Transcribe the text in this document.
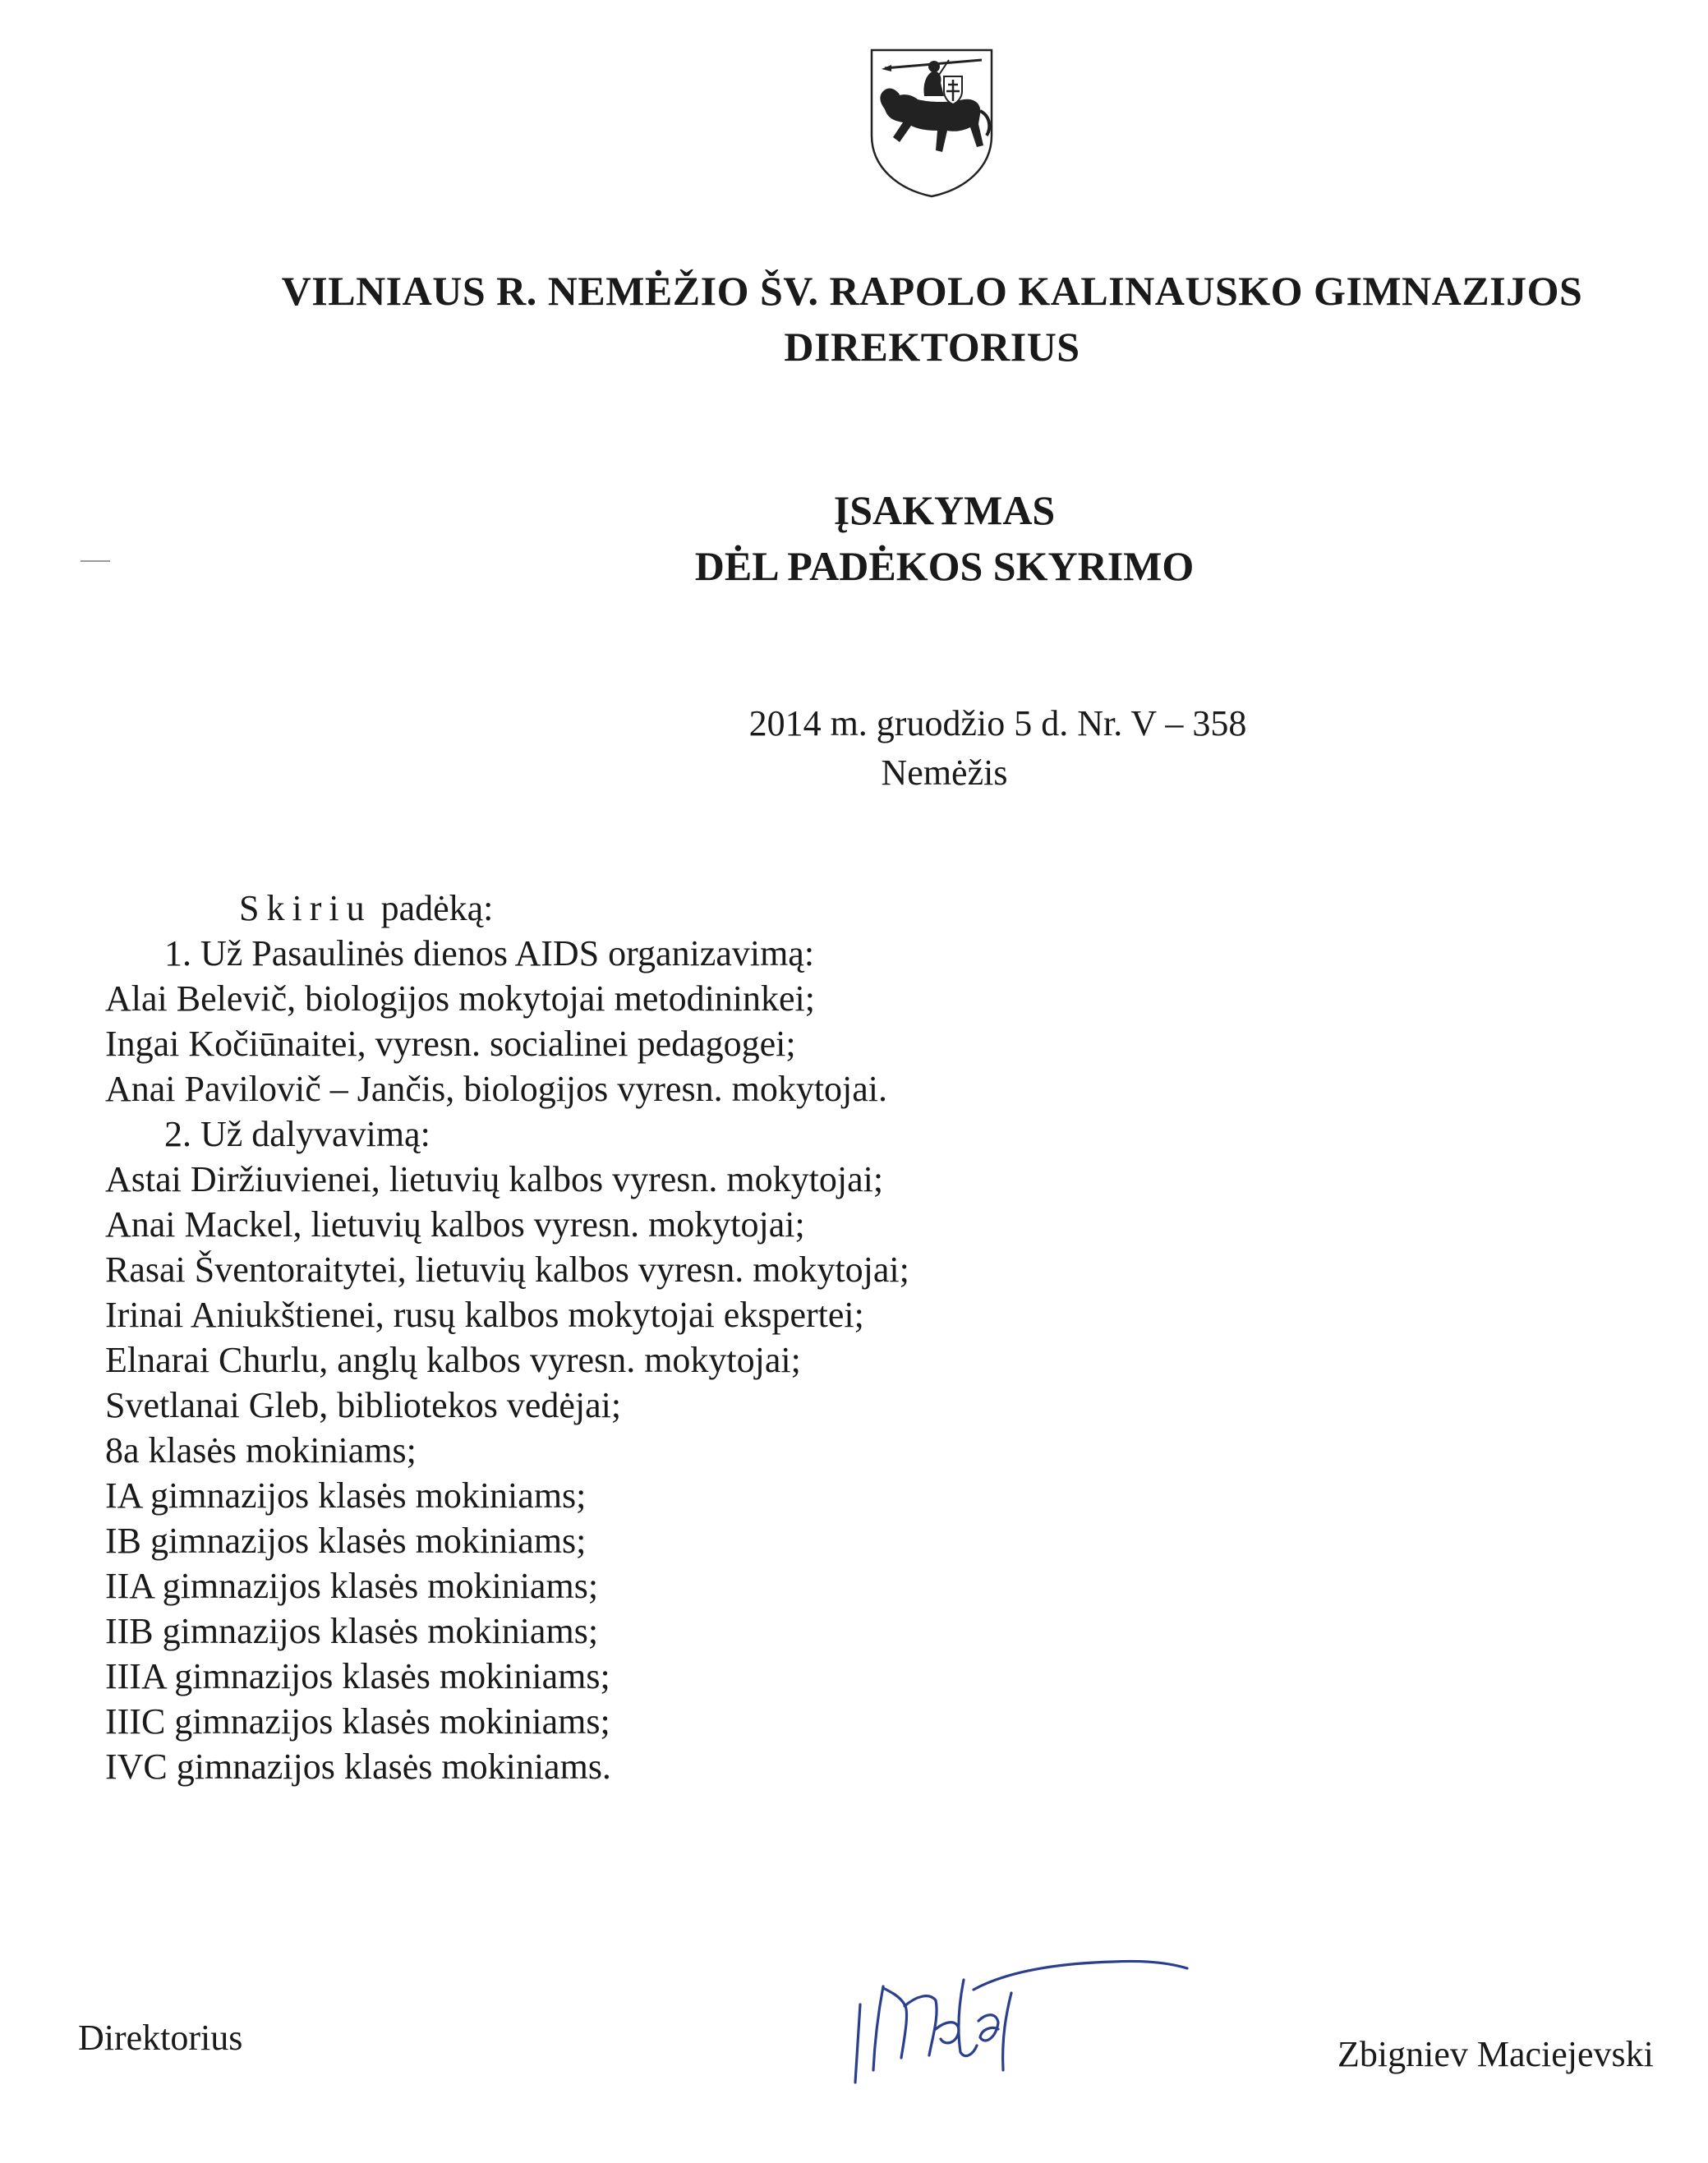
VILNIAUS R. NEMĖŽIO ŠV. RAPOLO KALINAUSKO GIMNAZIJOS
DIREKTORIUS
ĮSAKYMAS
DĖL PADĖKOS SKYRIMO
2014 m. gruodžio 5 d. Nr. V – 358
Nemėžis
Skiriu padėką:
1. Už Pasaulinės dienos AIDS organizavimą:
Alai Belevič, biologijos mokytojai metodininkei;
Ingai Kočiūnaitei, vyresn. socialinei pedagogei;
Anai Pavilovič – Jančis, biologijos vyresn. mokytojai.
2. Už dalyvavimą:
Astai Diržiuvienei, lietuvių kalbos vyresn. mokytojai;
Anai Mackel, lietuvių kalbos vyresn. mokytojai;
Rasai Šventoraitytei, lietuvių kalbos vyresn. mokytojai;
Irinai Aniukštienei, rusų kalbos mokytojai ekspertei;
Elnarai Churlu, anglų kalbos vyresn. mokytojai;
Svetlanai Gleb, bibliotekos vedėjai;
8a klasės mokiniams;
IA gimnazijos klasės mokiniams;
IB gimnazijos klasės mokiniams;
IIA gimnazijos klasės mokiniams;
IIB gimnazijos klasės mokiniams;
IIIA gimnazijos klasės mokiniams;
IIIC gimnazijos klasės mokiniams;
IVC gimnazijos klasės mokiniams.
Direktorius	Zbigniev Maciejevski
